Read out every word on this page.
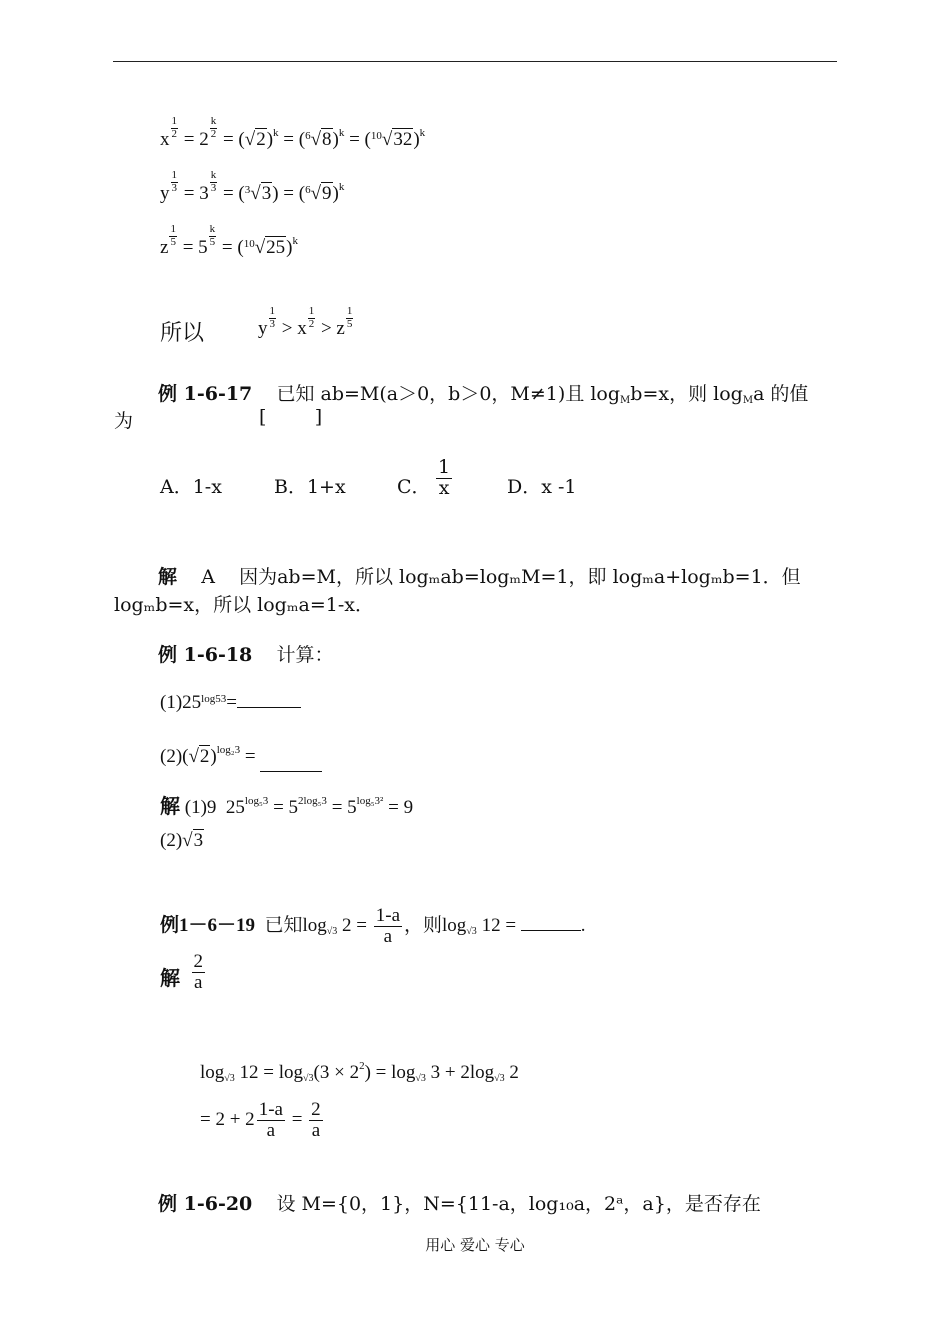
x $\frac{1}{2} = 2 \frac{k}{2} = (√2)^k = (^6√8)^k = (^{10}√32)^k$
y $\frac{1}{3} = 3 \frac{k}{3} = (^3√3) = (^6√9)^k$
z $\frac{1}{5} = 5 \frac{k}{5} = (^{10}√25)^k$
所以	y $\frac{1}{3} > x \frac{1}{2} > z \frac{1}{5}$
例 1-6-17 已知 ab=M(a＞0，b＞0，M≠1)且 logMb=x，则 logMa 的值
为	[        ]
A．1-x	B．1+x	C． $\frac{1}{x}$	D．x -1
解 A 因为ab=M，所以 logₘab=logₘM=1，即 logₘa+logₘb=1．但
logₘb=x，所以 logₘa=1-x．
例 1-6-18 计算：
$(1)25^{log53}=$
$(2)(√2)^{log_23}$ =
解 (1)9  $25^{log_53} = 5^{2log_53} = 5^{log_53^2} = 9$
(2)√3
例1－6－19  已知log√3 $2 = \frac{1-a}{a}$ ，则log√3 12 =	.
解 $\frac{2}{a}$
log√3 $12 = \log√3(3 \times 2^2) = \log√3$ 3 + 2log√3 2
= $2 + 2 \frac{1-a}{a} = \frac{2}{a}$
例 1-6-20 设 M={0，1}，N={11-a，log₁₀a，2ᵃ，a}，是否存在
用心 爱心 专心
